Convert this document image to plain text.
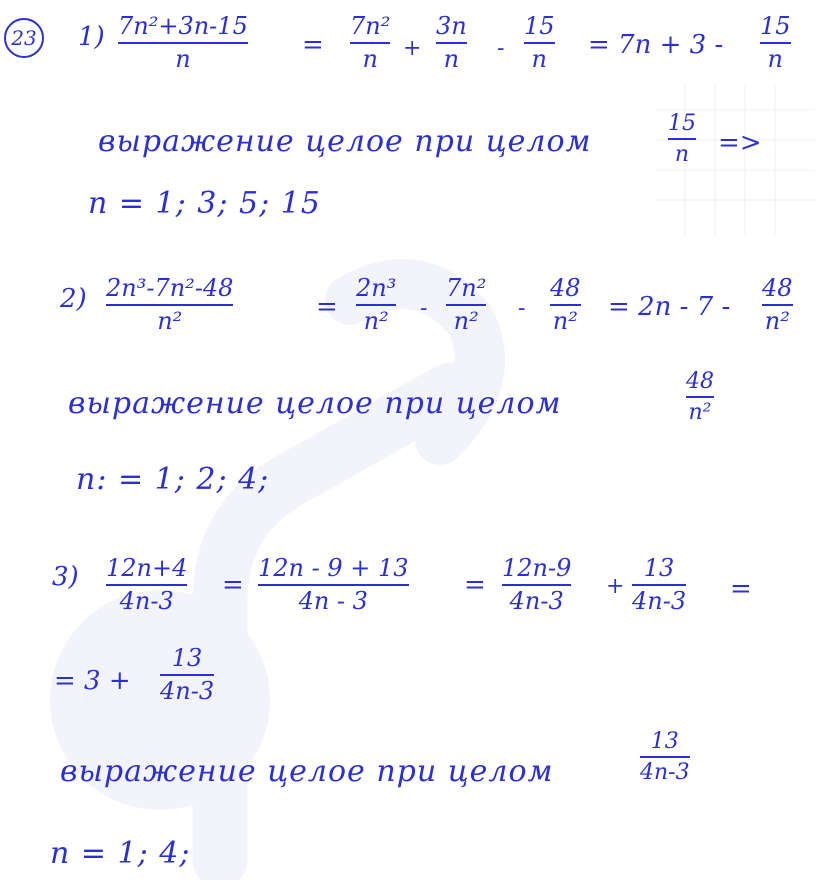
23 1) 7n²+3n-15
n	=
7n²
n +
3n
n -
15
n = 7n + 3 -
15
n
выражение целое при целом
15
n =>
n = 1; 3; 5; 15
2) 2n³-7n²-48
n²	=
2n³
n² -
7n²
n² -
48
n² = 2n - 7 -
48
n²
выражение целое при целом
48
n²
n: = 1; 2; 4;
3) 12n+4
4n-3
=
12n - 9 + 13
4n - 3
=
12n-9
4n-3
+
13
4n-3 =
= 3 +
13
4n-3
выражение целое при целом
13
4n-3
n = 1; 4;
